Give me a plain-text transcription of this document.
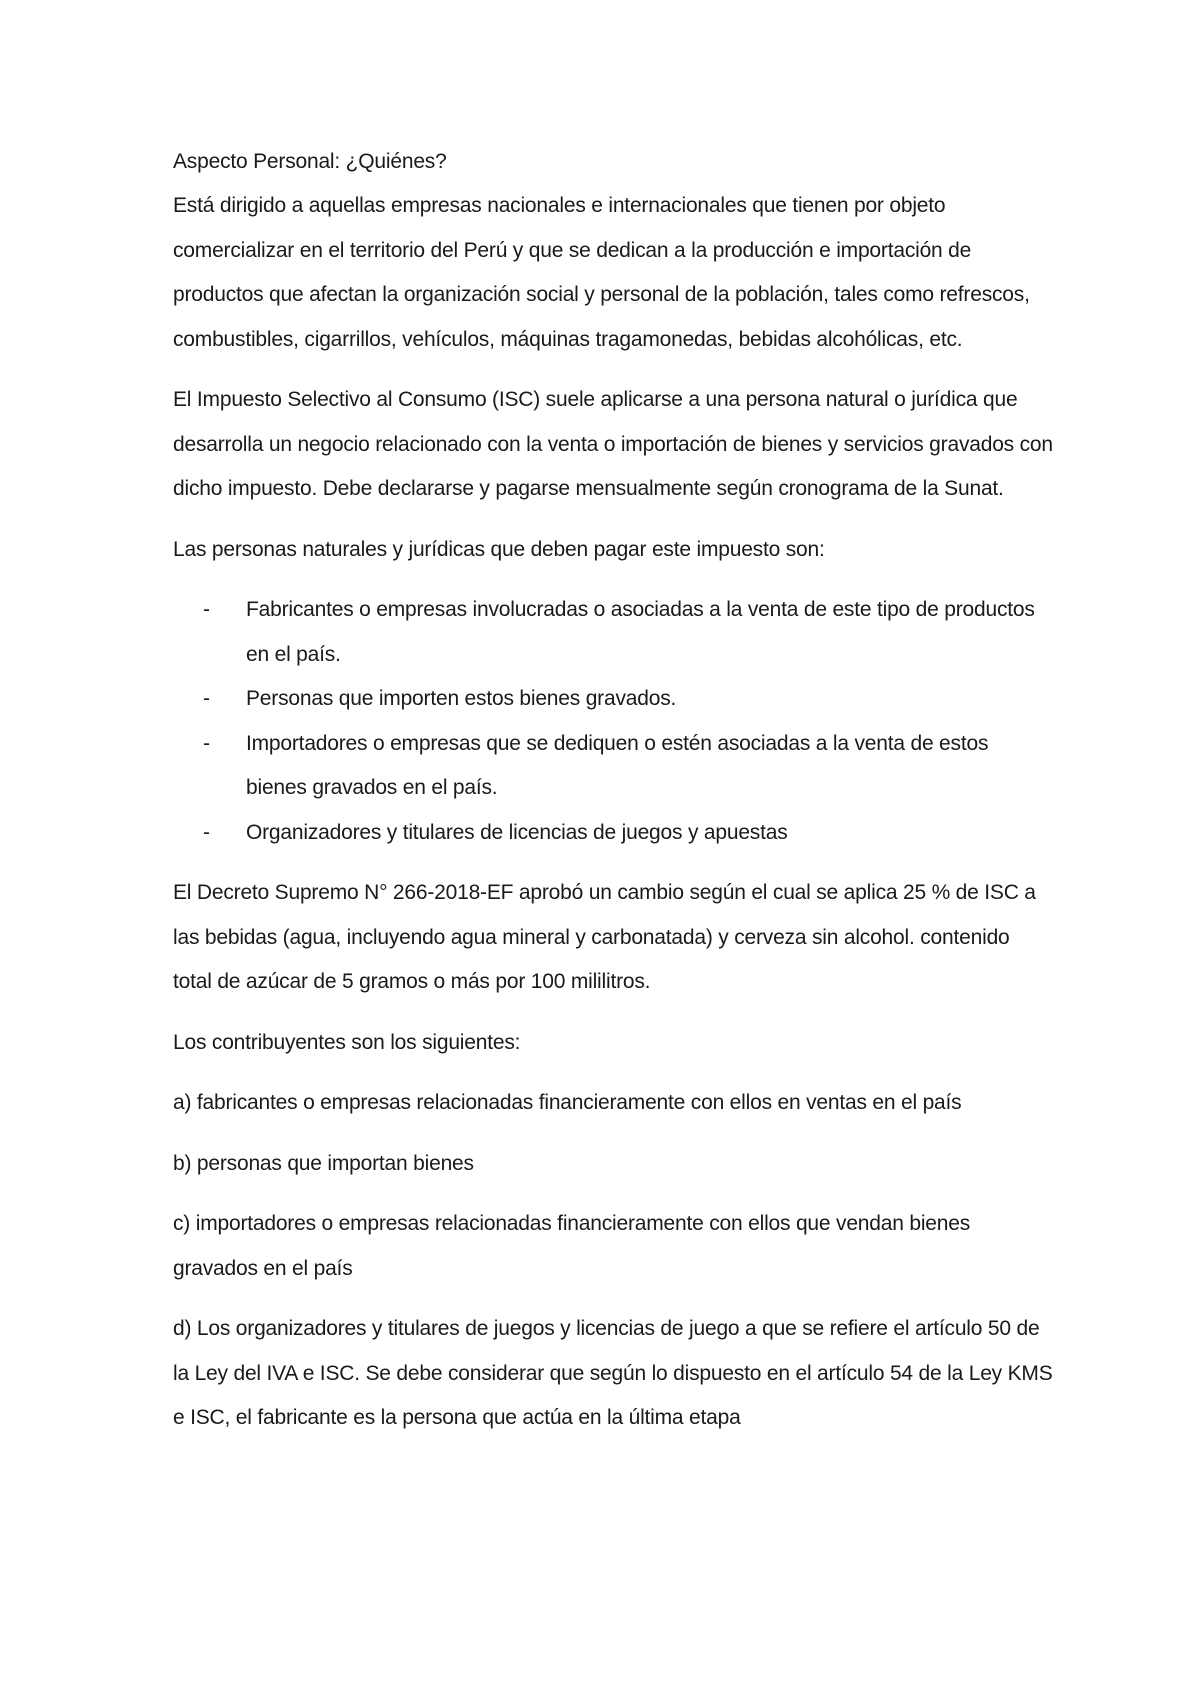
Aspecto Personal: ¿Quiénes?

Está dirigido a aquellas empresas nacionales e internacionales que tienen por objeto comercializar en el territorio del Perú y que se dedican a la producción e importación de productos que afectan la organización social y personal de la población, tales como refrescos, combustibles, cigarrillos, vehículos, máquinas tragamonedas, bebidas alcohólicas, etc.

El Impuesto Selectivo al Consumo (ISC) suele aplicarse a una persona natural o jurídica que desarrolla un negocio relacionado con la venta o importación de bienes y servicios gravados con dicho impuesto. Debe declararse y pagarse mensualmente según cronograma de la Sunat.

Las personas naturales y jurídicas que deben pagar este impuesto son:

- Fabricantes o empresas involucradas o asociadas a la venta de este tipo de productos en el país.
- Personas que importen estos bienes gravados.
- Importadores o empresas que se dediquen o estén asociadas a la venta de estos bienes gravados en el país.
- Organizadores y titulares de licencias de juegos y apuestas

El Decreto Supremo N° 266-2018-EF aprobó un cambio según el cual se aplica 25 % de ISC a las bebidas (agua, incluyendo agua mineral y carbonatada) y cerveza sin alcohol. contenido total de azúcar de 5 gramos o más por 100 mililitros.

Los contribuyentes son los siguientes:

a) fabricantes o empresas relacionadas financieramente con ellos en ventas en el país

b) personas que importan bienes

c) importadores o empresas relacionadas financieramente con ellos que vendan bienes gravados en el país

d) Los organizadores y titulares de juegos y licencias de juego a que se refiere el artículo 50 de la Ley del IVA e ISC. Se debe considerar que según lo dispuesto en el artículo 54 de la Ley KMS e ISC, el fabricante es la persona que actúa en la última etapa
